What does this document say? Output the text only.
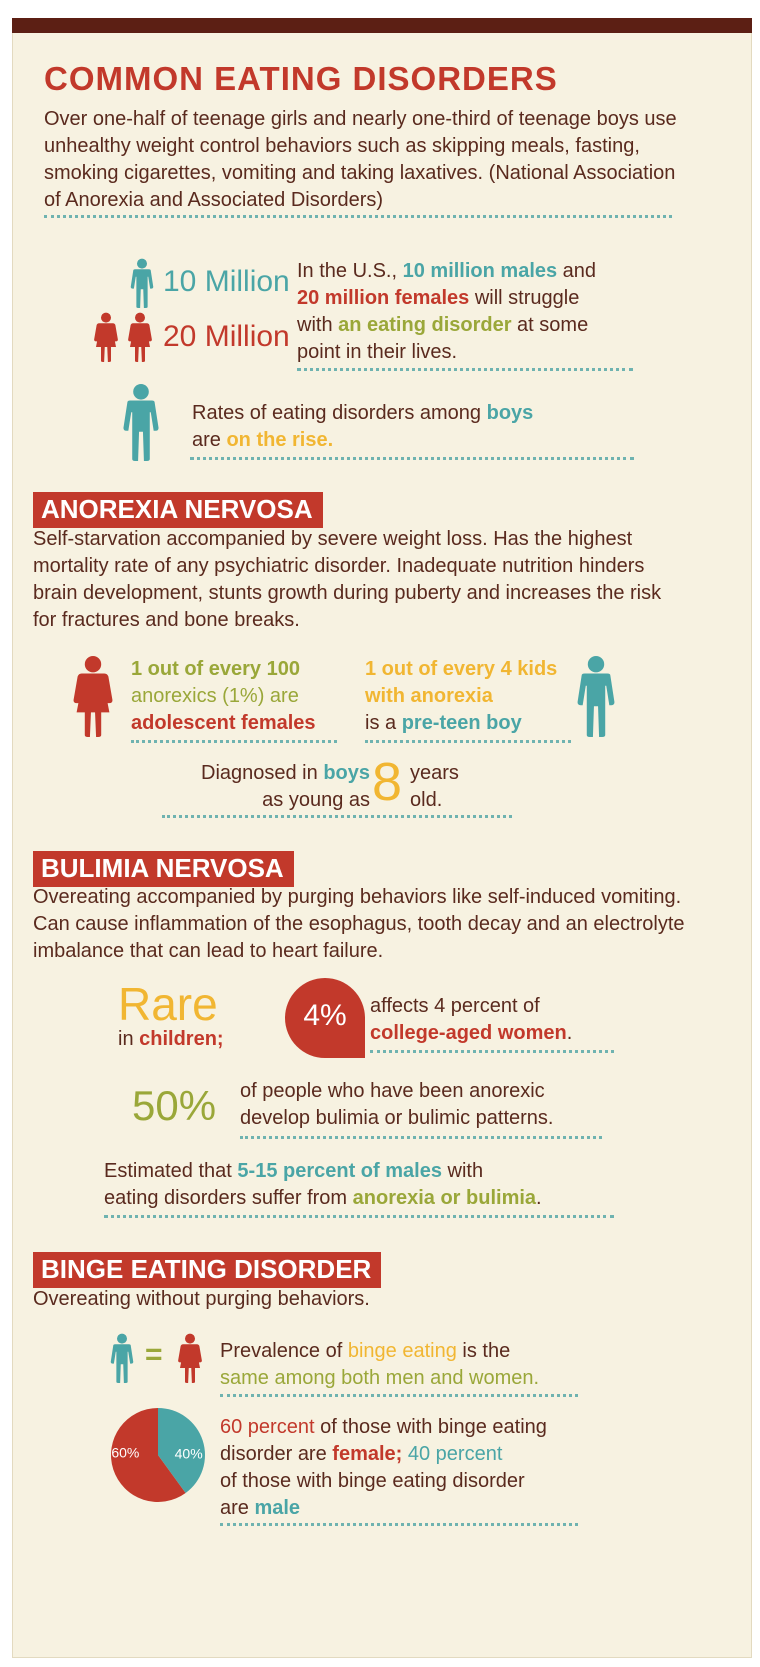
COMMON EATING DISORDERS
Over one-half of teenage girls and nearly one-third of teenage boys use unhealthy weight control behaviors such as skipping meals, fasting, smoking cigarettes, vomiting and taking laxatives. (National Association of Anorexia and Associated Disorders)
10 Million
20 Million
In the U.S., 10 million males and 20 million females will struggle with an eating disorder at some point in their lives.
Rates of eating disorders among boys
are on the rise.
ANOREXIA NERVOSA
Self-starvation accompanied by severe weight loss. Has the highest mortality rate of any psychiatric disorder. Inadequate nutrition hinders brain development, stunts growth during puberty and increases the risk for fractures and bone breaks.
1 out of every 100
anorexics (1%) are
adolescent females
1 out of every 4 kids
with anorexia
is a pre-teen boy
Diagnosed in boys
as young as 8 years
old.
BULIMIA NERVOSA
Overeating accompanied by purging behaviors like self-induced vomiting. Can cause inflammation of the esophagus, tooth decay and an electrolyte imbalance that can lead to heart failure.
Rare
in children;
4%	affects 4 percent of
college-aged women.
50% of people who have been anorexic
develop bulimia or bulimic patterns.
Estimated that 5-15 percent of males with
eating disorders suffer from anorexia or bulimia.
BINGE EATING DISORDER
Overeating without purging behaviors.
=	Prevalence of binge eating is the
same among both men and women.
60%	40%
60 percent of those with binge eating
disorder are female; 40 percent
of those with binge eating disorder
are male
